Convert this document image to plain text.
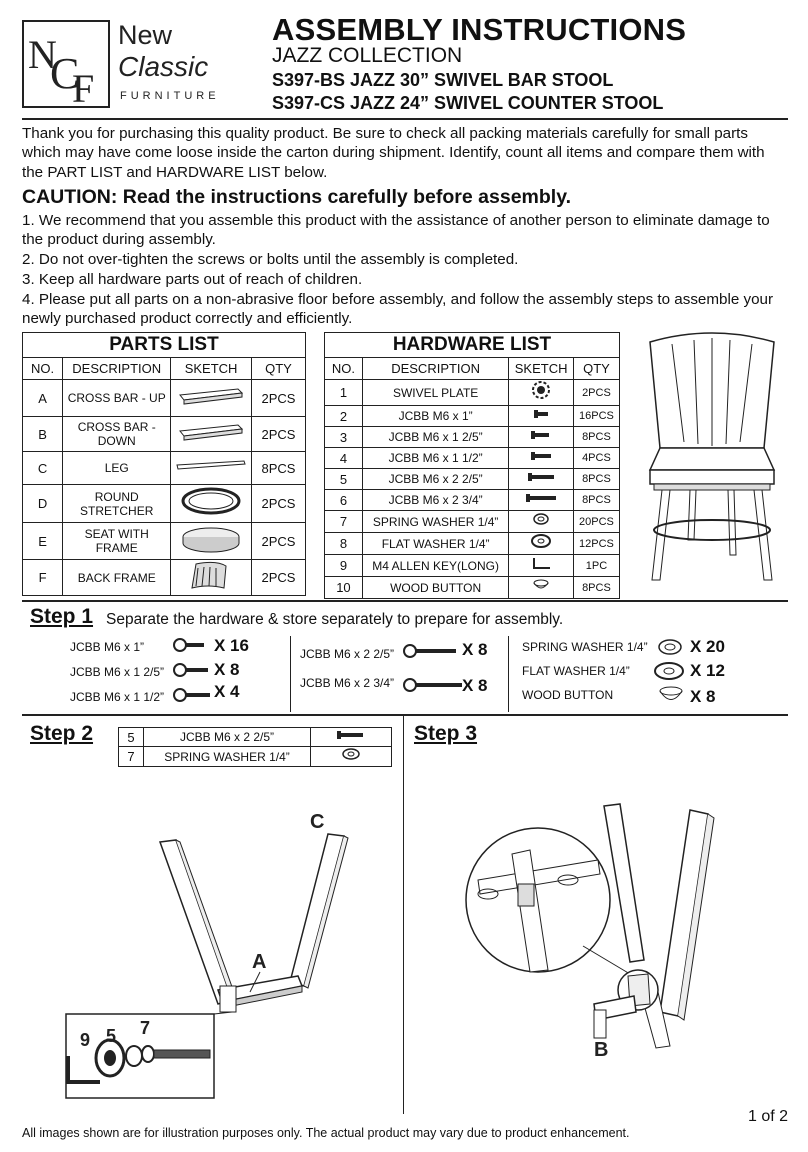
N
C
F
New
Classic
FURNITURE
ASSEMBLY INSTRUCTIONS
JAZZ COLLECTION
S397-BS JAZZ 30” SWIVEL BAR STOOL
S397-CS JAZZ 24” SWIVEL COUNTER STOOL
Thank you for purchasing this quality product. Be sure to check all packing materials carefully for small parts which may have come loose inside the carton during shipment. Identify, count all items and compare them with the PART LIST and HARDWARE LIST below.
CAUTION: Read the instructions carefully before assembly.
1. We recommend that you assemble this product with the assistance of another person to eliminate damage to the product during assembly.
2. Do not over-tighten the screws or bolts until the assembly is completed.
3. Keep all hardware parts out of reach of children.
4. Please put all parts on a non-abrasive floor before assembly, and follow the assembly steps to assemble your newly purchased product correctly and efficiently.
PARTS LIST			
NO.	DESCRIPTION	SKETCH	QTY
A	CROSS BAR - UP		2PCS
B	CROSS BAR - DOWN		2PCS
C	LEG		8PCS
D	ROUND STRETCHER		2PCS
E	SEAT WITH FRAME		2PCS
F	BACK FRAME		2PCS
HARDWARE LIST			
NO.	DESCRIPTION	SKETCH	QTY
1	SWIVEL PLATE		2PCS
2	JCBB M6 x 1”		16PCS
3	JCBB M6 x 1 2/5”		8PCS
4	JCBB M6 x 1 1/2”		4PCS
5	JCBB M6 x 2 2/5”		8PCS
6	JCBB M6 x 2 3/4”		8PCS
7	SPRING WASHER 1/4”		20PCS
8	FLAT WASHER 1/4”		12PCS
9	M4 ALLEN KEY(LONG)		1PC
10	WOOD BUTTON		8PCS
Step 1 Separate the hardware & store separately to prepare for assembly.
JCBB M6 x 1”	X 16
JCBB M6 x 1 2/5”	X 8
JCBB M6 x 1 1/2”	X 4
JCBB M6 x 2 2/5”	X 8
JCBB M6 x 2 3/4”	X 8
SPRING WASHER 1/4” X 20
FLAT WASHER 1/4”	X 12
WOOD BUTTON	X 8
Step 2	5	JCBB M6 x 2 2/5”	
7	SPRING WASHER 1/4”	
C
A
9 5 7
Step 3
B
1 of 2
All images shown are for illustration purposes only. The actual product may vary due to product enhancement.
